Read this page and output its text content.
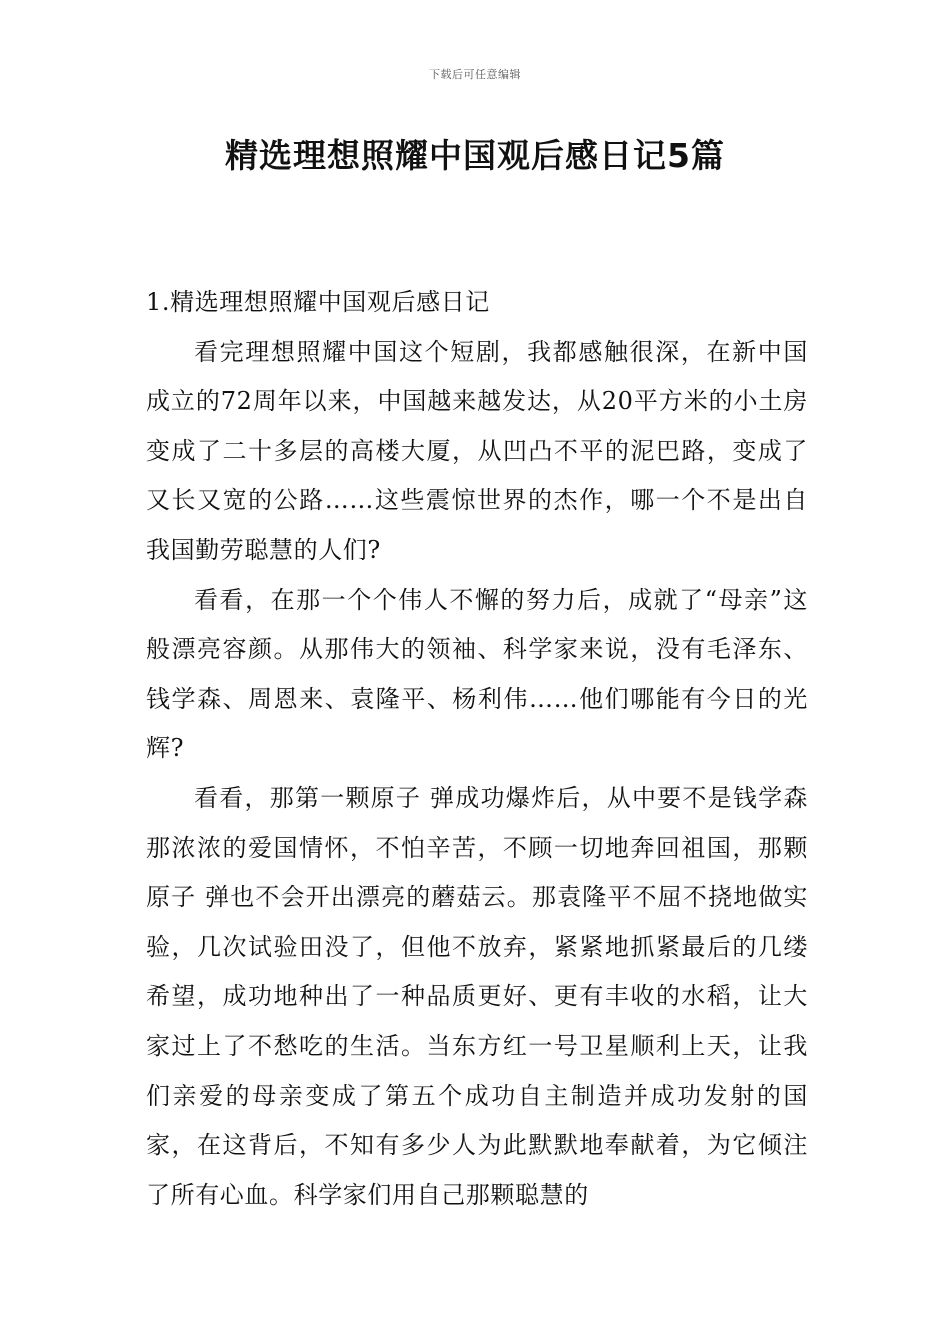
下载后可任意编辑
精选理想照耀中国观后感日记5篇
1.精选理想照耀中国观后感日记

看完理想照耀中国这个短剧，我都感触很深，在新中国成立的72周年以来，中国越来越发达，从20平方米的小土房变成了二十多层的高楼大厦，从凹凸不平的泥巴路，变成了又长又宽的公路……这些震惊世界的杰作，哪一个不是出自我国勤劳聪慧的人们?

看看，在那一个个伟人不懈的努力后，成就了“母亲”这般漂亮容颜。从那伟大的领袖、科学家来说，没有毛泽东、钱学森、周恩来、袁隆平、杨利伟……他们哪能有今日的光辉?

看看，那第一颗原子 弹成功爆炸后，从中要不是钱学森那浓浓的爱国情怀，不怕辛苦，不顾一切地奔回祖国，那颗原子 弹也不会开出漂亮的蘑菇云。那袁隆平不屈不挠地做实验，几次试验田没了，但他不放弃，紧紧地抓紧最后的几缕希望，成功地种出了一种品质更好、更有丰收的水稻，让大家过上了不愁吃的生活。当东方红一号卫星顺利上天，让我们亲爱的母亲变成了第五个成功自主制造并成功发射的国家，在这背后，不知有多少人为此默默地奉献着，为它倾注了所有心血。科学家们用自己那颗聪慧的
